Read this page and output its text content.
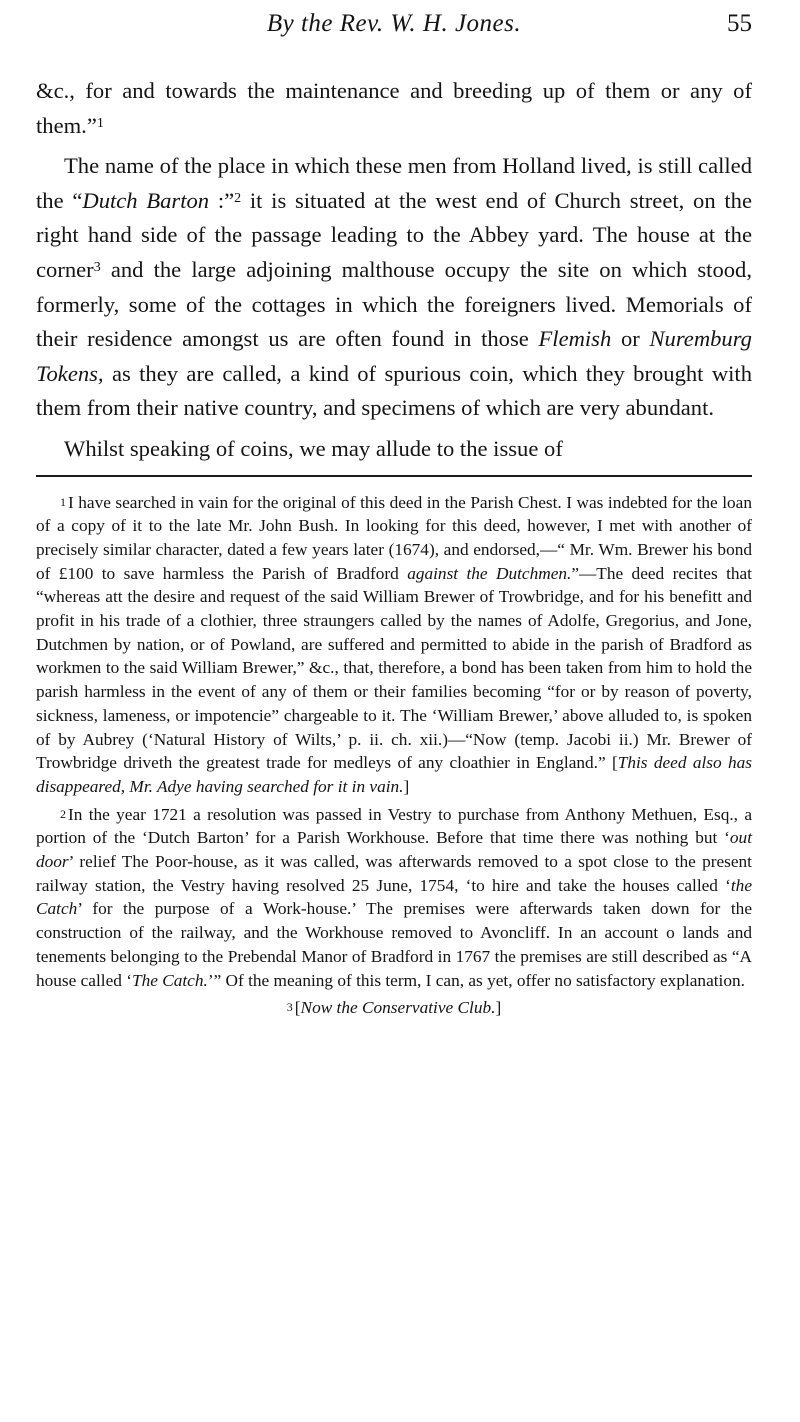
By the Rev. W. H. Jones.	55

&c., for and towards the maintenance and breeding up of them or any of them.”$^1$

The name of the place in which these men from Holland lived, is still called the “Dutch Barton :”$^2$ it is situated at the west end of Church street, on the right hand side of the passage leading to the Abbey yard. The house at the corner$^3$ and the large adjoining malthouse occupy the site on which stood, formerly, some of the cottages in which the foreigners lived. Memorials of their residence amongst us are often found in those Flemish or Nuremburg Tokens, as they are called, a kind of spurious coin, which they brought with them from their native country, and specimens of which are very abundant.

Whilst speaking of coins, we may allude to the issue of

$^1$ I have searched in vain for the original of this deed in the Parish Chest. I was indebted for the loan of a copy of it to the late Mr. John Bush. In looking for this deed, however, I met with another of precisely similar character, dated a few years later (1674), and endorsed,—“ Mr. Wm. Brewer his bond of £100 to save harmless the Parish of Bradford against the Dutchmen.”—The deed recites that “whereas att the desire and request of the said William Brewer of Trowbridge, and for his benefitt and profit in his trade of a clothier, three straungers called by the names of Adolfe, Gregorius, and Jone, Dutchmen by nation, or of Powland, are suffered and permitted to abide in the parish of Bradford as workmen to the said William Brewer,” &c., that, therefore, a bond has been taken from him to hold the parish harmless in the event of any of them or their families becoming “for or by reason of poverty, sickness, lameness, or impotencie” chargeable to it. The ‘William Brewer,’ above alluded to, is spoken of by Aubrey (‘Natural History of Wilts,’ p. ii. ch. xii.)—“Now (temp. Jacobi ii.) Mr. Brewer of Trowbridge driveth the greatest trade for medleys of any cloathier in England.” [This deed also has disappeared, Mr. Adye having searched for it in vain.]

$^2$ In the year 1721 a resolution was passed in Vestry to purchase from Anthony Methuen, Esq., a portion of the ‘Dutch Barton’ for a Parish Workhouse. Before that time there was nothing but ‘out door’ relief The Poor-house, as it was called, was afterwards removed to a spot close to the present railway station, the Vestry having resolved 25 June, 1754, ‘to hire and take the houses called ‘the Catch’ for the purpose of a Work-house.’ The premises were afterwards taken down for the construction of the railway, and the Workhouse removed to Avoncliff. In an account o lands and tenements belonging to the Prebendal Manor of Bradford in 1767 the premises are still described as “A house called ‘The Catch.’” Of the meaning of this term, I can, as yet, offer no satisfactory explanation.

$^3$ [Now the Conservative Club.]
